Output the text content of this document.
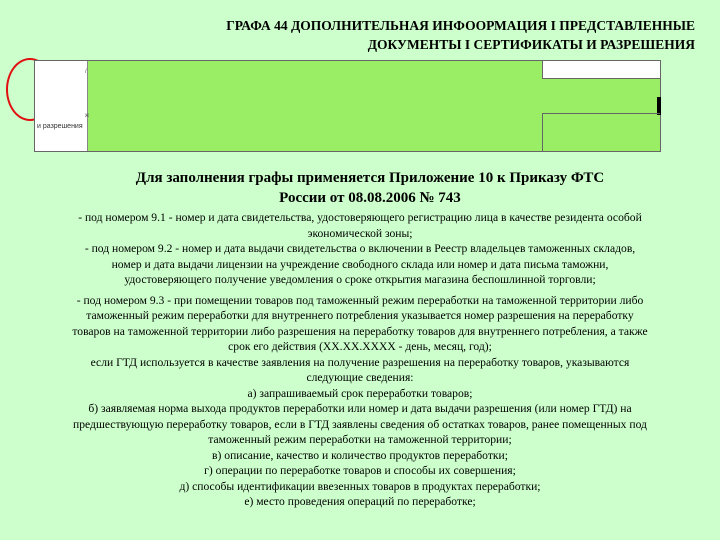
ГРАФА 44 ДОПОЛНИТЕЛЬНАЯ ИНФООРМАЦИЯ І ПРЕДСТАВЛЕННЫЕ
ДОКУМЕНТЫ І СЕРТИФИКАТЫ И РАЗРЕШЕНИЯ
/
ж
и разрешения
Для заполнения графы применяется Приложение 10 к Приказу ФТС
России от 08.08.2006 № 743

- под номером 9.1 - номер и дата свидетельства, удостоверяющего регистрацию лица в качестве резидента особой

экономической зоны;

- под номером 9.2 - номер и дата выдачи свидетельства о включении в Реестр владельцев таможенных складов,

номер и дата выдачи лицензии на учреждение свободного склада или номер и дата письма таможни,

удостоверяющего получение уведомления о сроке открытия магазина беспошлинной торговли;

- под номером 9.3 - при помещении товаров под таможенный режим переработки на таможенной территории либо

таможенный режим переработки для внутреннего потребления указывается номер разрешения на переработку

товаров на таможенной территории либо разрешения на переработку товаров для внутреннего потребления, а также

срок его действия (ХХ.ХХ.ХХХХ - день, месяц, год);

если ГТД используется в качестве заявления на получение разрешения на переработку товаров, указываются

следующие сведения:

а) запрашиваемый срок переработки товаров;

б) заявляемая норма выхода продуктов переработки или номер и дата выдачи разрешения (или номер ГТД) на

предшествующую переработку товаров, если в ГТД заявлены сведения об остатках товаров, ранее помещенных под

таможенный режим переработки на таможенной территории;

в) описание, качество и количество продуктов переработки;

г) операции по переработке товаров и способы их совершения;

д) способы идентификации ввезенных товаров в продуктах переработки;

е) место проведения операций по переработке;
